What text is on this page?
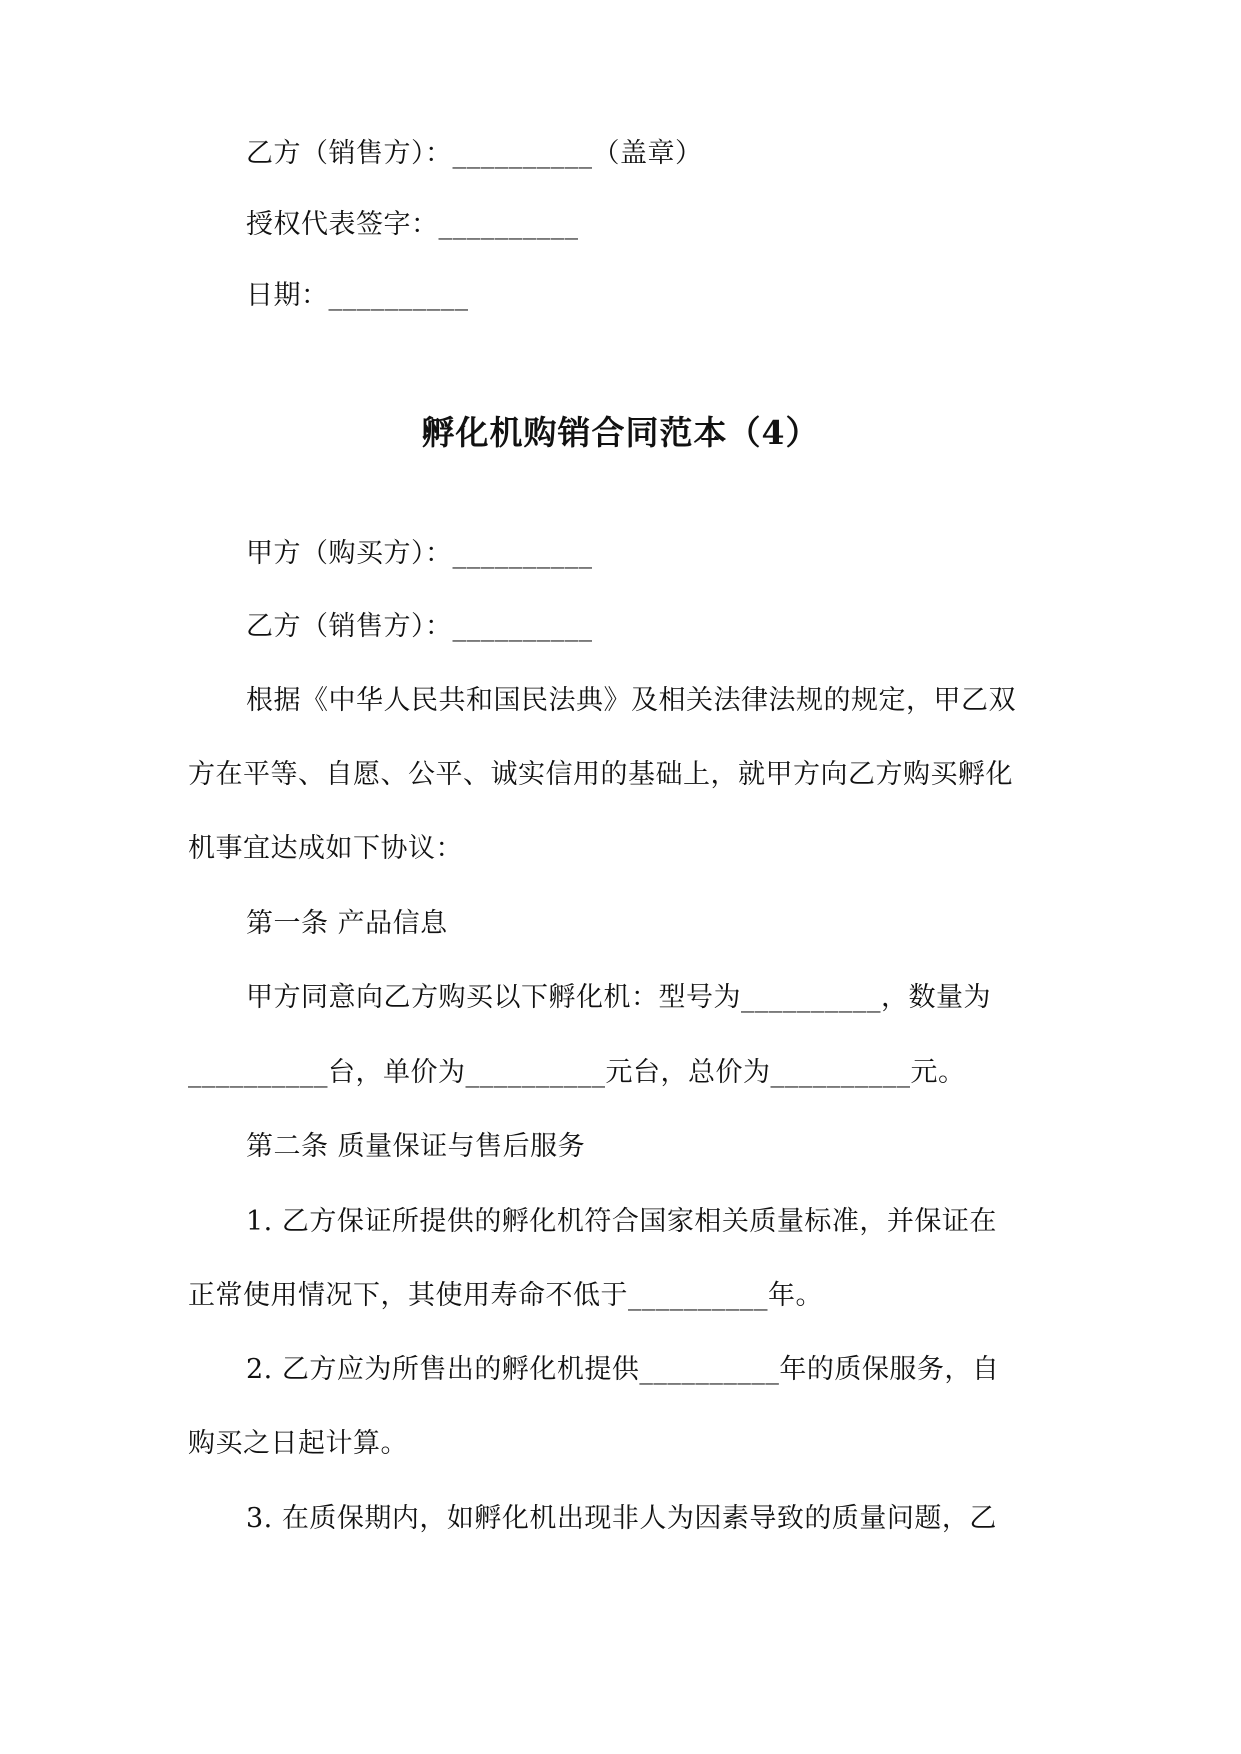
乙方（销售方）：__________（盖章）
授权代表签字：__________
日期：__________
孵化机购销合同范本（4）
甲方（购买方）：__________
乙方（销售方）：__________
根据《中华人民共和国民法典》及相关法律法规的规定，甲乙双
方在平等、自愿、公平、诚实信用的基础上，就甲方向乙方购买孵化
机事宜达成如下协议：
第一条 产品信息
甲方同意向乙方购买以下孵化机：型号为__________，数量为
__________台，单价为__________元台，总价为__________元。
第二条 质量保证与售后服务
1. 乙方保证所提供的孵化机符合国家相关质量标准，并保证在
正常使用情况下，其使用寿命不低于__________年。
2. 乙方应为所售出的孵化机提供__________年的质保服务，自
购买之日起计算。
3. 在质保期内，如孵化机出现非人为因素导致的质量问题，乙
